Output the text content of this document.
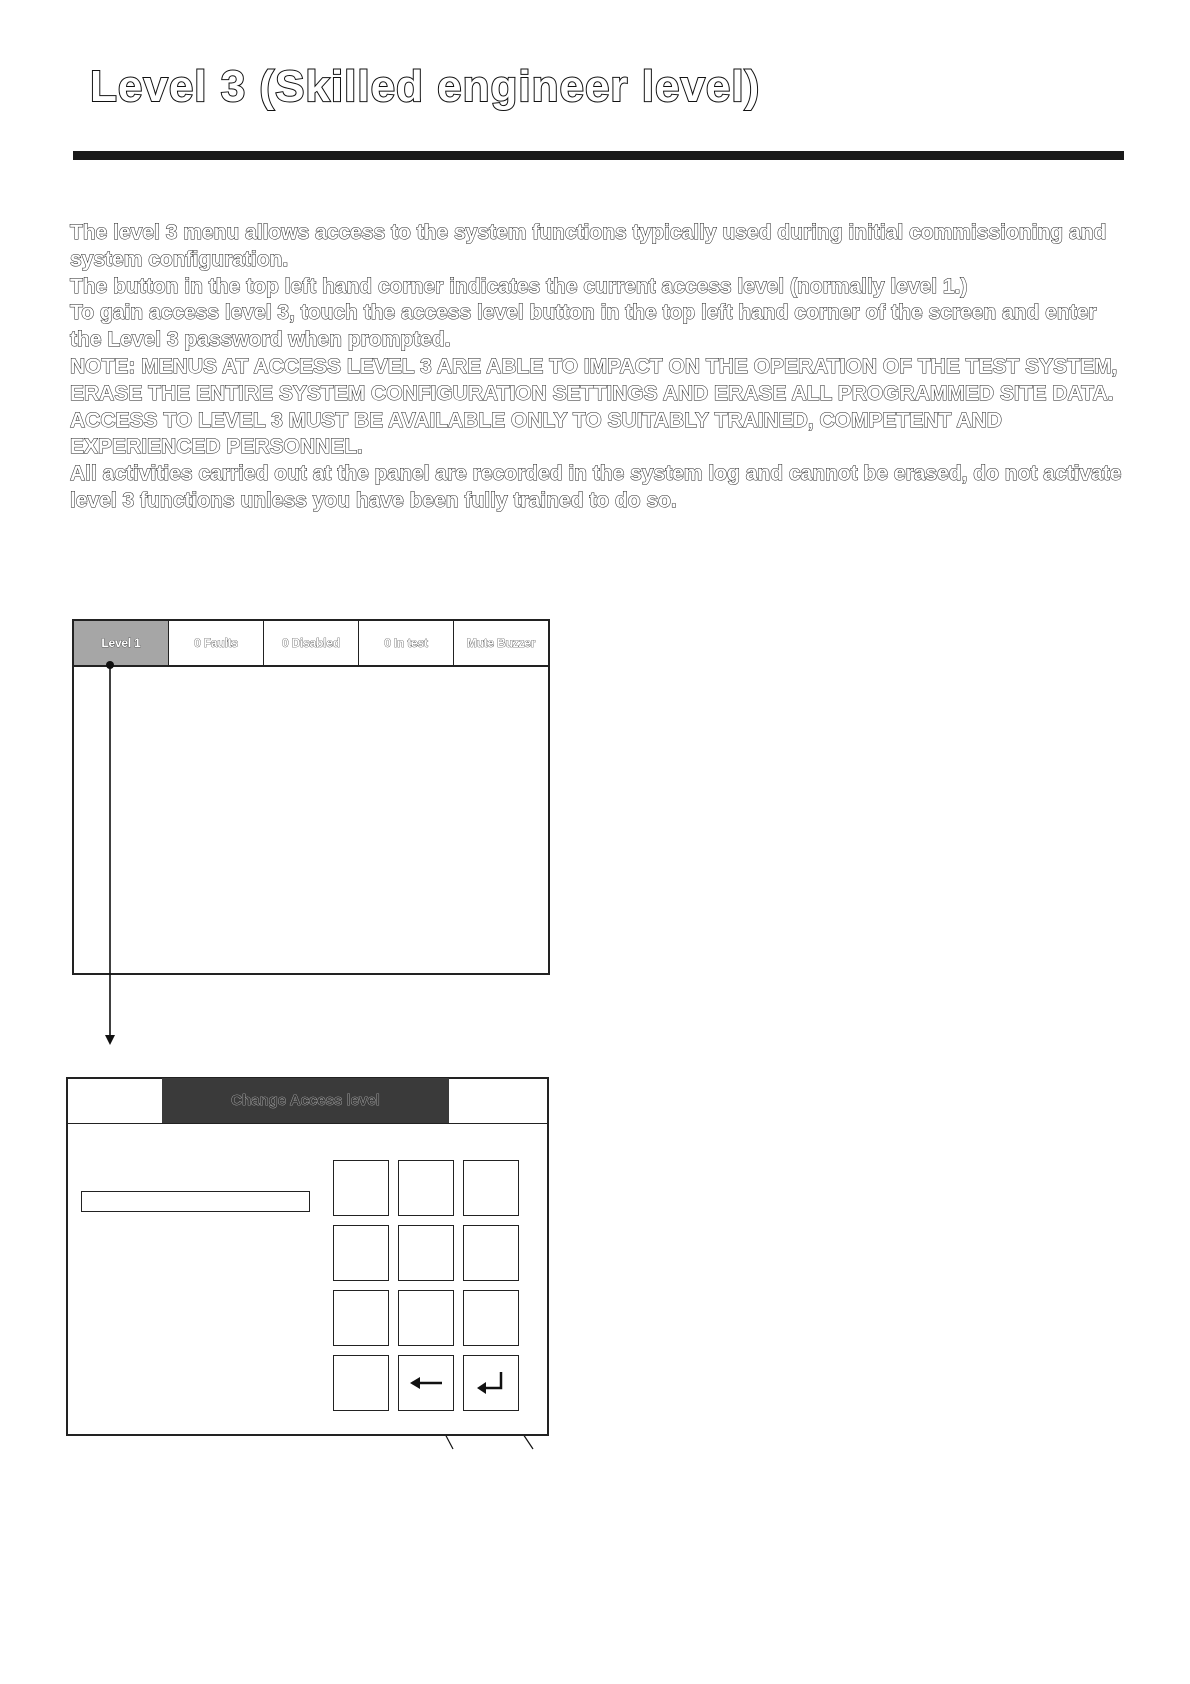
Level 3 (Skilled engineer level)

The level 3 menu allows access to the system functions typically used during initial commissioning and system configuration.

The button in the top left hand corner indicates the current access level (normally level 1.)

To gain access level 3, touch the access level button in the top left hand corner of the screen and enter the Level 3 password when prompted.

NOTE: MENUS AT ACCESS LEVEL 3 ARE ABLE TO IMPACT ON THE OPERATION OF THE TEST SYSTEM, ERASE THE ENTIRE SYSTEM CONFIGURATION SETTINGS AND ERASE ALL PROGRAMMED SITE DATA.

ACCESS TO LEVEL 3 MUST BE AVAILABLE ONLY TO SUITABLY TRAINED, COMPETENT AND EXPERIENCED PERSONNEL.

All activities carried out at the panel are recorded in the system log and cannot be erased, do not activate level 3 functions unless you have been fully trained to do so.

Level 1	0 Faults	0 Disabled	0 In test	Mute Buzzer
Change Access level
